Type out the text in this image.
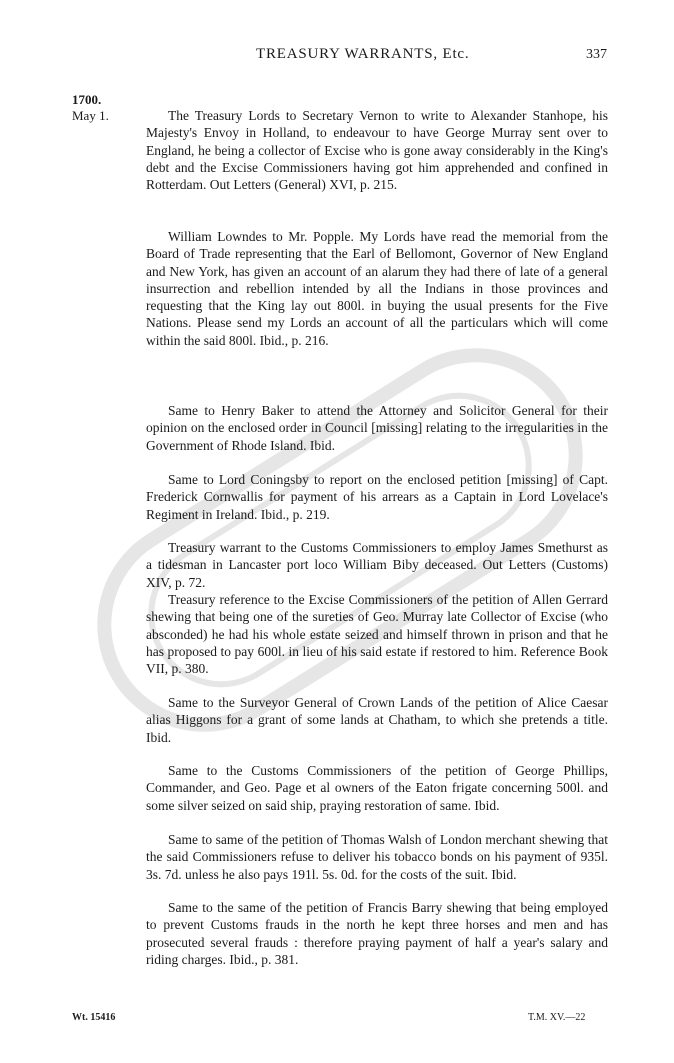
TREASURY WARRANTS, Etc.	337
1700.
May 1.	The Treasury Lords to Secretary Vernon to write to Alexander Stanhope, his Majesty's Envoy in Holland, to endeavour to have George Murray sent over to England, he being a collector of Excise who is gone away considerably in the King's debt and the Excise Commissioners having got him apprehended and confined in Rotterdam. Out Letters (General) XVI, p. 215.

William Lowndes to Mr. Popple. My Lords have read the memorial from the Board of Trade representing that the Earl of Bellomont, Governor of New England and New York, has given an account of an alarum they had there of late of a general insurrection and rebellion intended by all the Indians in those provinces and requesting that the King lay out 800l. in buying the usual presents for the Five Nations. Please send my Lords an account of all the particulars which will come within the said 800l. Ibid., p. 216.

Same to Henry Baker to attend the Attorney and Solicitor General for their opinion on the enclosed order in Council [missing] relating to the irregularities in the Government of Rhode Island. Ibid.

Same to Lord Coningsby to report on the enclosed petition [missing] of Capt. Frederick Cornwallis for payment of his arrears as a Captain in Lord Lovelace's Regiment in Ireland. Ibid., p. 219.

Treasury warrant to the Customs Commissioners to employ James Smethurst as a tidesman in Lancaster port loco William Biby deceased. Out Letters (Customs) XIV, p. 72.

Treasury reference to the Excise Commissioners of the petition of Allen Gerrard shewing that being one of the sureties of Geo. Murray late Collector of Excise (who absconded) he had his whole estate seized and himself thrown in prison and that he has proposed to pay 600l. in lieu of his said estate if restored to him. Reference Book VII, p. 380.

Same to the Surveyor General of Crown Lands of the petition of Alice Caesar alias Higgons for a grant of some lands at Chatham, to which she pretends a title. Ibid.

Same to the Customs Commissioners of the petition of George Phillips, Commander, and Geo. Page et al owners of the Eaton frigate concerning 500l. and some silver seized on said ship, praying restoration of same. Ibid.

Same to same of the petition of Thomas Walsh of London merchant shewing that the said Commissioners refuse to deliver his tobacco bonds on his payment of 935l. 3s. 7d. unless he also pays 191l. 5s. 0d. for the costs of the suit. Ibid.

Same to the same of the petition of Francis Barry shewing that being employed to prevent Customs frauds in the north he kept three horses and men and has prosecuted several frauds : therefore praying payment of half a year's salary and riding charges. Ibid., p. 381.

Wt. 15416	T.M. XV.—22
